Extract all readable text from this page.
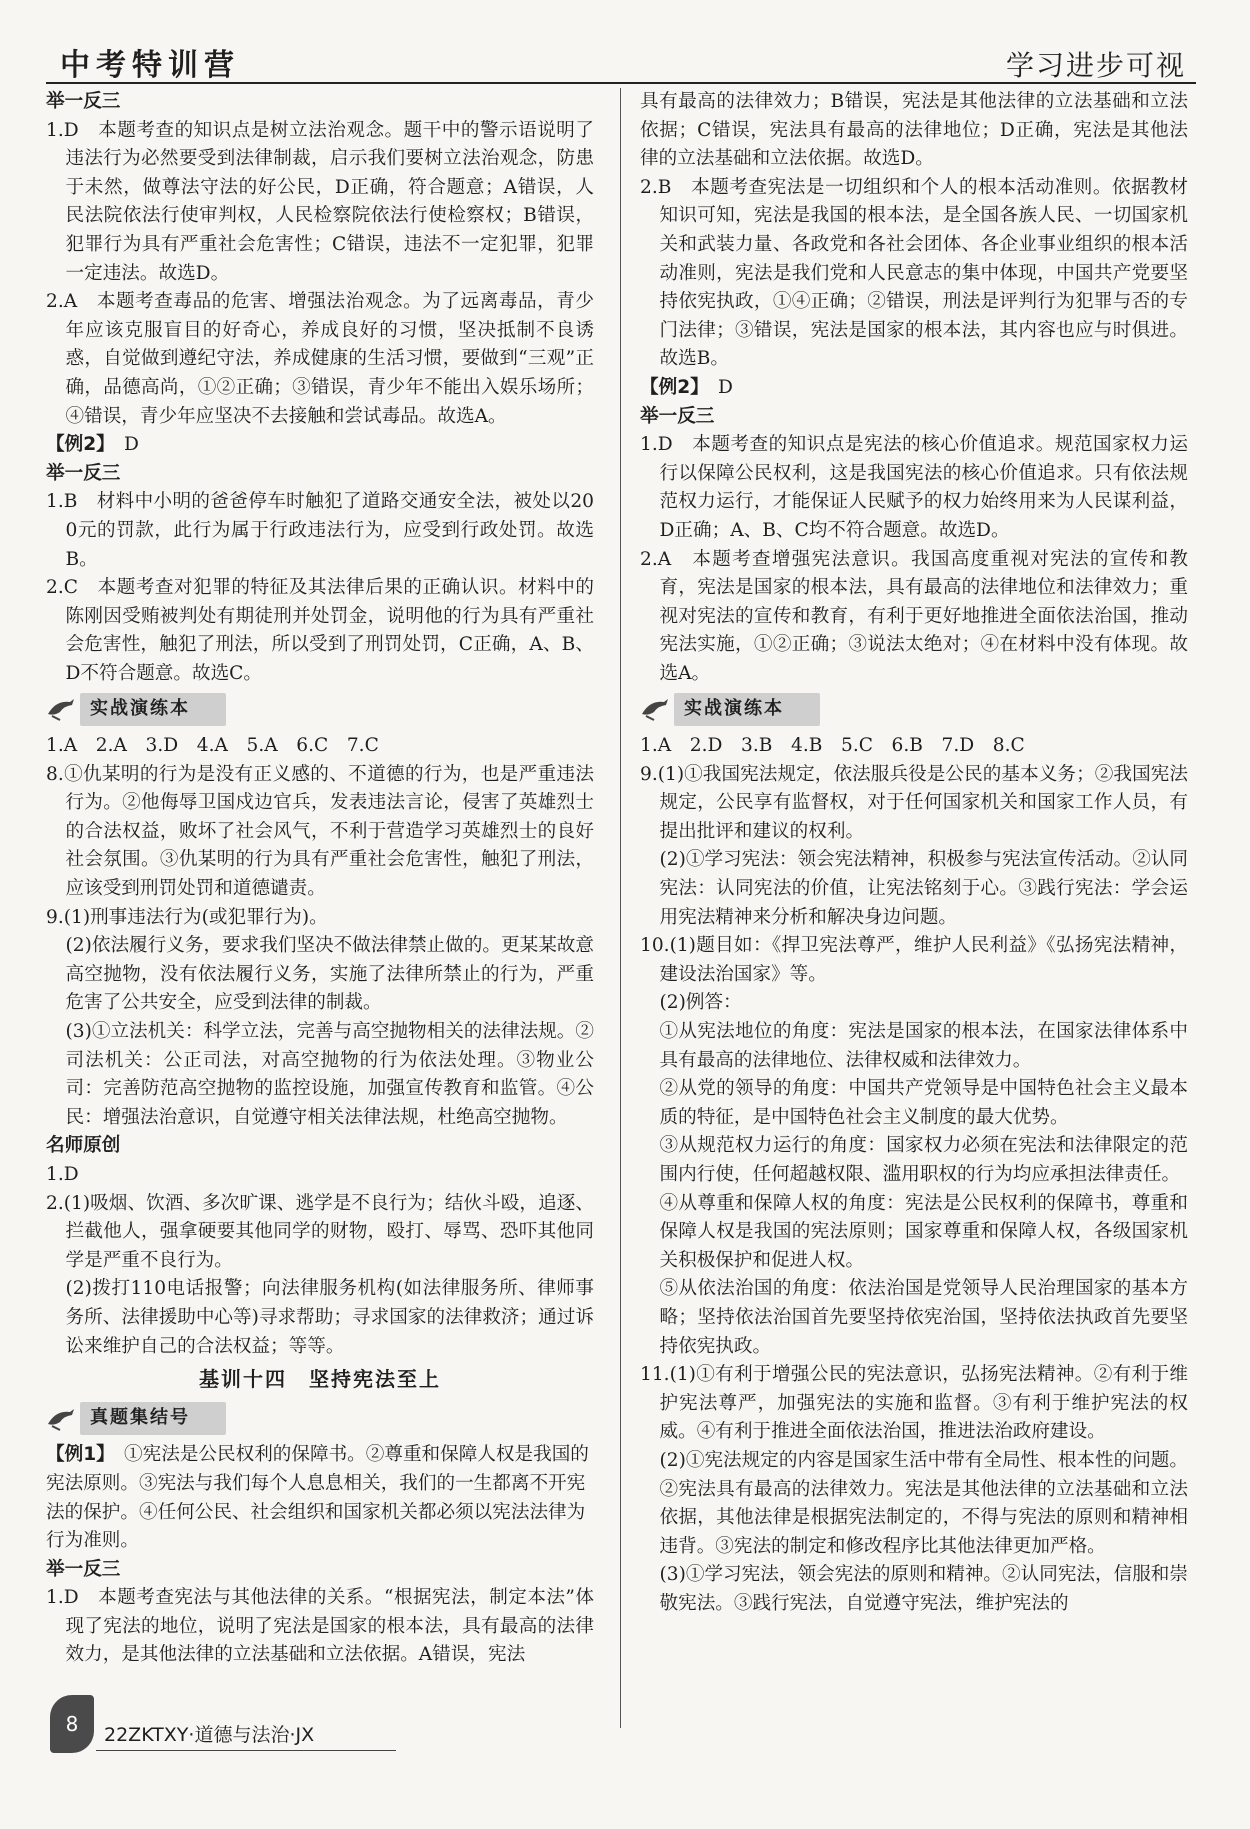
中考特训营	学习进步可视

举一反三

1.D　本题考查的知识点是树立法治观念。题干中的警示语说明了违法行为必然要受到法律制裁，启示我们要树立法治观念，防患于未然，做尊法守法的好公民，D正确，符合题意；A错误，人民法院依法行使审判权，人民检察院依法行使检察权；B错误，犯罪行为具有严重社会危害性；C错误，违法不一定犯罪，犯罪一定违法。故选D。

2.A　本题考查毒品的危害、增强法治观念。为了远离毒品，青少年应该克服盲目的好奇心，养成良好的习惯，坚决抵制不良诱惑，自觉做到遵纪守法，养成健康的生活习惯，要做到“三观”正确，品德高尚，①②正确；③错误，青少年不能出入娱乐场所；④错误，青少年应坚决不去接触和尝试毒品。故选A。

【例2】　 D

举一反三

1.B　材料中小明的爸爸停车时触犯了道路交通安全法，被处以200元的罚款，此行为属于行政违法行为，应受到行政处罚。故选B。

2.C　本题考查对犯罪的特征及其法律后果的正确认识。材料中的陈刚因受贿被判处有期徒刑并处罚金，说明他的行为具有严重社会危害性，触犯了刑法，所以受到了刑罚处罚，C正确，A、B、D不符合题意。故选C。

实战演练本

1.A　2.A　3.D　4.A　5.A　6.C　7.C

8.①仇某明的行为是没有正义感的、不道德的行为，也是严重违法行为。②他侮辱卫国戍边官兵，发表违法言论，侵害了英雄烈士的合法权益，败坏了社会风气，不利于营造学习英雄烈士的良好社会氛围。③仇某明的行为具有严重社会危害性，触犯了刑法，应该受到刑罚处罚和道德谴责。

9.(1)刑事违法行为(或犯罪行为)。

(2)依法履行义务，要求我们坚决不做法律禁止做的。更某某故意高空抛物，没有依法履行义务，实施了法律所禁止的行为，严重危害了公共安全，应受到法律的制裁。

(3)①立法机关：科学立法，完善与高空抛物相关的法律法规。②司法机关：公正司法，对高空抛物的行为依法处理。③物业公司：完善防范高空抛物的监控设施，加强宣传教育和监管。④公民：增强法治意识，自觉遵守相关法律法规，杜绝高空抛物。

名师原创

1.D

2.(1)吸烟、饮酒、多次旷课、逃学是不良行为；结伙斗殴，追逐、拦截他人，强拿硬要其他同学的财物，殴打、辱骂、恐吓其他同学是严重不良行为。

(2)拨打110电话报警；向法律服务机构(如法律服务所、律师事务所、法律援助中心等)寻求帮助；寻求国家的法律救济；通过诉讼来维护自己的合法权益；等等。

基训十四　坚持宪法至上

真题集结号

【例1】　 ①宪法是公民权利的保障书。②尊重和保障人权是我国的宪法原则。③宪法与我们每个人息息相关，我们的一生都离不开宪法的保护。④任何公民、社会组织和国家机关都必须以宪法法律为行为准则。

举一反三

1.D　本题考查宪法与其他法律的关系。“根据宪法，制定本法”体现了宪法的地位，说明了宪法是国家的根本法，具有最高的法律效力，是其他法律的立法基础和立法依据。A错误，宪法

具有最高的法律效力；B错误，宪法是其他法律的立法基础和立法依据；C错误，宪法具有最高的法律地位；D正确，宪法是其他法律的立法基础和立法依据。故选D。

2.B　本题考查宪法是一切组织和个人的根本活动准则。依据教材知识可知，宪法是我国的根本法，是全国各族人民、一切国家机关和武装力量、各政党和各社会团体、各企业事业组织的根本活动准则，宪法是我们党和人民意志的集中体现，中国共产党要坚持依宪执政，①④正确；②错误，刑法是评判行为犯罪与否的专门法律；③错误，宪法是国家的根本法，其内容也应与时俱进。故选B。

【例2】　 D

举一反三

1.D　本题考查的知识点是宪法的核心价值追求。规范国家权力运行以保障公民权利，这是我国宪法的核心价值追求。只有依法规范权力运行，才能保证人民赋予的权力始终用来为人民谋利益，D正确；A、B、C均不符合题意。故选D。

2.A　本题考查增强宪法意识。我国高度重视对宪法的宣传和教育，宪法是国家的根本法，具有最高的法律地位和法律效力；重视对宪法的宣传和教育，有利于更好地推进全面依法治国，推动宪法实施，①②正确；③说法太绝对；④在材料中没有体现。故选A。

实战演练本

1.A　2.D　3.B　4.B　5.C　6.B　7.D　8.C

9.(1)①我国宪法规定，依法服兵役是公民的基本义务；②我国宪法规定，公民享有监督权，对于任何国家机关和国家工作人员，有提出批评和建议的权利。

(2)①学习宪法：领会宪法精神，积极参与宪法宣传活动。②认同宪法：认同宪法的价值，让宪法铭刻于心。③践行宪法：学会运用宪法精神来分析和解决身边问题。

10.(1)题目如：《捍卫宪法尊严，维护人民利益》《弘扬宪法精神，建设法治国家》等。

(2)例答：

①从宪法地位的角度：宪法是国家的根本法，在国家法律体系中具有最高的法律地位、法律权威和法律效力。

②从党的领导的角度：中国共产党领导是中国特色社会主义最本质的特征，是中国特色社会主义制度的最大优势。

③从规范权力运行的角度：国家权力必须在宪法和法律限定的范围内行使，任何超越权限、滥用职权的行为均应承担法律责任。

④从尊重和保障人权的角度：宪法是公民权利的保障书，尊重和保障人权是我国的宪法原则；国家尊重和保障人权，各级国家机关积极保护和促进人权。

⑤从依法治国的角度：依法治国是党领导人民治理国家的基本方略；坚持依法治国首先要坚持依宪治国，坚持依法执政首先要坚持依宪执政。

11.(1)①有利于增强公民的宪法意识，弘扬宪法精神。②有利于维护宪法尊严，加强宪法的实施和监督。③有利于维护宪法的权威。④有利于推进全面依法治国，推进法治政府建设。

(2)①宪法规定的内容是国家生活中带有全局性、根本性的问题。②宪法具有最高的法律效力。宪法是其他法律的立法基础和立法依据，其他法律是根据宪法制定的，不得与宪法的原则和精神相违背。③宪法的制定和修改程序比其他法律更加严格。

(3)①学习宪法，领会宪法的原则和精神。②认同宪法，信服和崇敬宪法。③践行宪法，自觉遵守宪法，维护宪法的

8	22ZKTXY·道德与法治·JX
